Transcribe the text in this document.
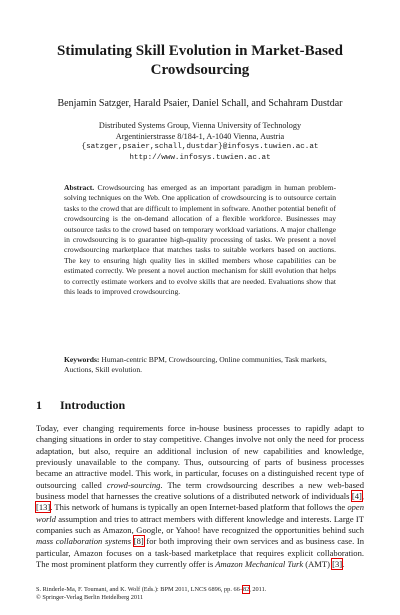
Stimulating Skill Evolution in Market-Based Crowdsourcing
Benjamin Satzger, Harald Psaier, Daniel Schall, and Schahram Dustdar
Distributed Systems Group, Vienna University of Technology
Argentinierstrasse 8/184-1, A-1040 Vienna, Austria
{satzger,psaier,schall,dustdar}@infosys.tuwien.ac.at
http://www.infosys.tuwien.ac.at
Abstract. Crowdsourcing has emerged as an important paradigm in human problem-solving techniques on the Web. One application of crowdsourcing is to outsource certain tasks to the crowd that are difficult to implement in software. Another potential benefit of crowdsourcing is the on-demand allocation of a flexible workforce. Businesses may outsource tasks to the crowd based on temporary workload variations. A major challenge in crowdsourcing is to guarantee high-quality processing of tasks. We present a novel crowdsourcing marketplace that matches tasks to suitable workers based on auctions. The key to ensuring high quality lies in skilled members whose capabilities can be estimated correctly. We present a novel auction mechanism for skill evolution that helps to correctly estimate workers and to evolve skills that are needed. Evaluations show that this leads to improved crowdsourcing.
Keywords: Human-centric BPM, Crowdsourcing, Online communities, Task markets, Auctions, Skill evolution.
1 Introduction

Today, ever changing requirements force in-house business processes to rapidly adapt to changing situations in order to stay competitive. Changes involve not only the need for process adaptation, but also, require an additional inclusion of new capabilities and knowledge, previously unavailable to the company. Thus, outsourcing of parts of business processes became an attractive model. This work, in particular, focuses on a distinguished recent type of outsourcing called crowd-sourcing. The term crowdsourcing describes a new web-based business model that harnesses the creative solutions of a distributed network of individuals [4], [13]. This network of humans is typically an open Internet-based platform that follows the open world assumption and tries to attract members with different knowledge and interests. Large IT companies such as Amazon, Google, or Yahoo! have recognized the opportunities behind such mass collaboration systems [8] for both improving their own services and as business case. In particular, Amazon focuses on a task-based marketplace that requires explicit collaboration. The most prominent platform they currently offer is Amazon Mechanical Turk (AMT) [3].

S. Rinderle-Ma, F. Toumani, and K. Wolf (Eds.): BPM 2011, LNCS 6896, pp. 66–82, 2011.
© Springer-Verlag Berlin Heidelberg 2011
